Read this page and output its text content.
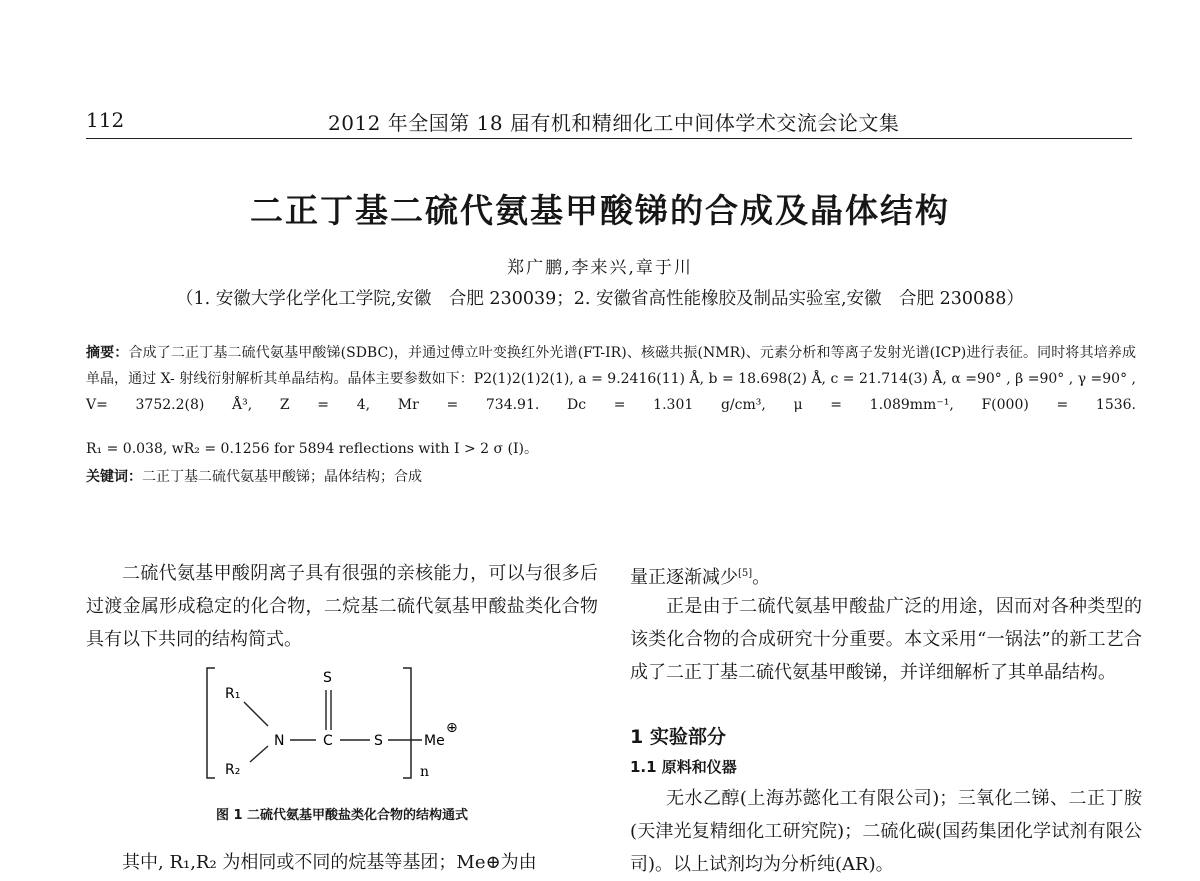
112	2012 年全国第 18 届有机和精细化工中间体学术交流会论文集
二正丁基二硫代氨基甲酸锑的合成及晶体结构
郑广鹏,李来兴,章于川
（1. 安徽大学化学化工学院,安徽　合肥 230039；2. 安徽省高性能橡胶及制品实验室,安徽　合肥 230088）
摘要：合成了二正丁基二硫代氨基甲酸锑(SDBC)，并通过傅立叶变换红外光谱(FT-IR)、核磁共振(NMR)、元素分析和等离子发射光谱(ICP)进行表征。同时将其培养成单晶，通过 X- 射线衍射解析其单晶结构。晶体主要参数如下：P2(1)2(1)2(1), a = 9.2416(11) Å, b = 18.698(2) Å, c = 21.714(3) Å, α =90° , β =90° , γ =90° , V= 3752.2(8) Å³, Z = 4, Mr = 734.91. Dc = 1.301 g/cm³, μ = 1.089mm⁻¹, F(000) = 1536.
R₁ = 0.038, wR₂ = 0.1256 for 5894 reflections with I > 2 σ (I)。
关键词：二正丁基二硫代氨基甲酸锑；晶体结构；合成
二硫代氨基甲酸阴离子具有很强的亲核能力，可以与很多后过渡金属形成稳定的化合物，二烷基二硫代氨基甲酸盐类化合物具有以下共同的结构简式。
R₁
R₂
S
N	C	S	Me
⊕
n
图 1 二硫代氨基甲酸盐类化合物的结构通式
其中, R₁,R₂ 为相同或不同的烷基等基团；Me⊕为由
量正逐渐减少[5]。
正是由于二硫代氨基甲酸盐广泛的用途，因而对各种类型的该类化合物的合成研究十分重要。本文采用“一锅法”的新工艺合成了二正丁基二硫代氨基甲酸锑，并详细解析了其单晶结构。
1 实验部分
1.1 原料和仪器
无水乙醇(上海苏懿化工有限公司)；三氧化二锑、二正丁胺(天津光复精细化工研究院)；二硫化碳(国药集团化学试剂有限公司)。以上试剂均为分析纯(AR)。
